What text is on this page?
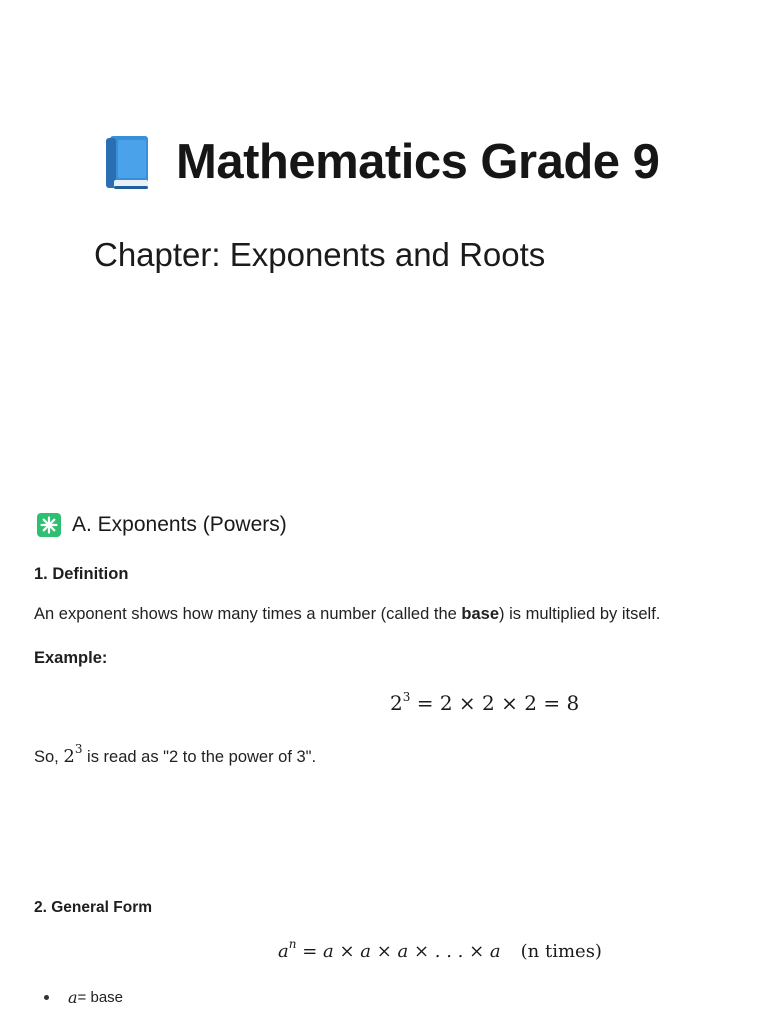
Mathematics Grade 9
Chapter: Exponents and Roots
A. Exponents (Powers)
1. Definition
An exponent shows how many times a number (called the base) is multiplied by itself.
Example:
$2^3 = 2 \times 2 \times 2 = 8$
So, $2^3$ is read as "2 to the power of 3".
2. General Form
$a^n = a \times a \times a$ × . . . × a (n times)
a = base
